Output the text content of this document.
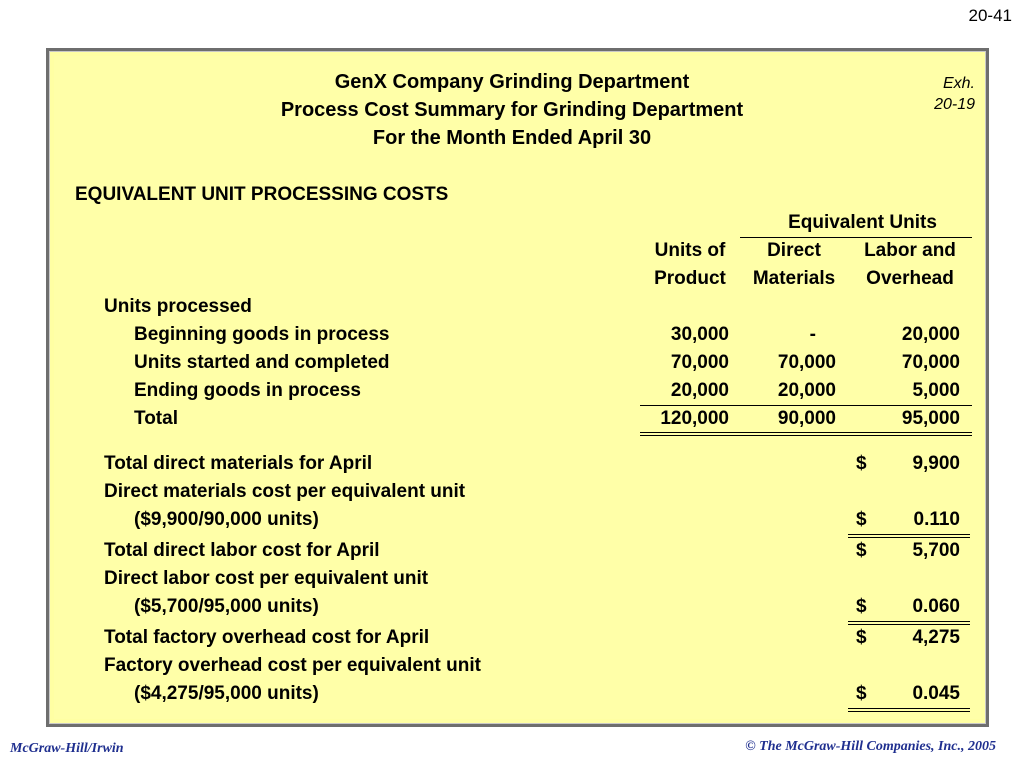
20-41
GenX Company Grinding Department
Process Cost Summary for Grinding Department
For the Month Ended April 30
Exh.
20-19
EQUIVALENT UNIT PROCESSING COSTS
Equivalent Units
Units of
Product
Direct
Materials
Labor and
Overhead
Units processed
Beginning goods in process	30,000	-	20,000
Units started and completed	70,000	70,000	70,000
Ending goods in process	20,000	20,000	5,000
Total	120,000	90,000	95,000
Total direct materials for April	$	9,900
Direct materials cost per equivalent unit
($9,900/90,000 units)	$	0.110
Total direct labor cost for April	$	5,700
Direct labor cost per equivalent unit
($5,700/95,000 units)	$	0.060
Total factory overhead cost for April	$	4,275
Factory overhead cost per equivalent unit
($4,275/95,000 units)	$	0.045
McGraw-Hill/Irwin	© The McGraw-Hill Companies, Inc., 2005
